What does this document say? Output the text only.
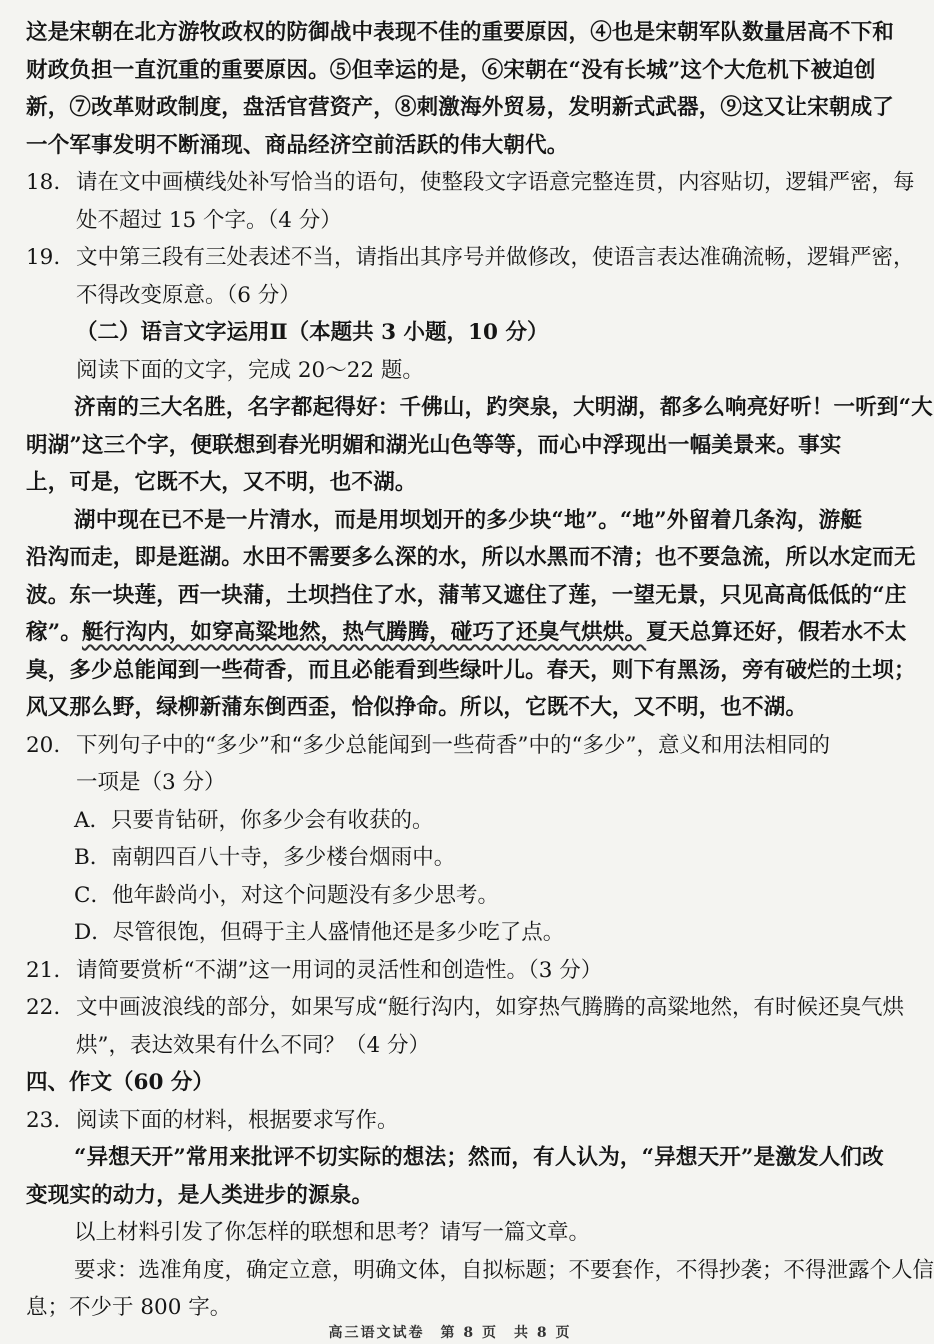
这是宋朝在北方游牧政权的防御战中表现不佳的重要原因，④也是宋朝军队数量居高不下和
财政负担一直沉重的重要原因。⑤但幸运的是，⑥宋朝在“没有长城”这个大危机下被迫创
新，⑦改革财政制度，盘活官营资产，⑧刺激海外贸易，发明新式武器，⑨这又让宋朝成了
一个军事发明不断涌现、商品经济空前活跃的伟大朝代。
18. 请在文中画横线处补写恰当的语句，使整段文字语意完整连贯，内容贴切，逻辑严密，每
处不超过 15 个字。（4 分）
19. 文中第三段有三处表述不当，请指出其序号并做修改，使语言表达准确流畅，逻辑严密，
不得改变原意。（6 分）
（二）语言文字运用Ⅱ（本题共 3 小题，10 分）
阅读下面的文字，完成 20～22 题。
济南的三大名胜，名字都起得好：千佛山，趵突泉，大明湖，都多么响亮好听！一听到“大
明湖”这三个字，便联想到春光明媚和湖光山色等等，而心中浮现出一幅美景来。事实
上，可是，它既不大，又不明，也不湖。
湖中现在已不是一片清水，而是用坝划开的多少块“地”。“地”外留着几条沟，游艇
沿沟而走，即是逛湖。水田不需要多么深的水，所以水黑而不清；也不要急流，所以水定而无
波。东一块莲，西一块蒲，土坝挡住了水，蒲苇又遮住了莲，一望无景，只见高高低低的“庄
稼”。艇行沟内，如穿高粱地然，热气腾腾，碰巧了还臭气烘烘。夏天总算还好，假若水不太
臭，多少总能闻到一些荷香，而且必能看到些绿叶儿。春天，则下有黑汤，旁有破烂的土坝；
风又那么野，绿柳新蒲东倒西歪，恰似挣命。所以，它既不大，又不明，也不湖。
20. 下列句子中的“多少”和“多少总能闻到一些荷香”中的“多少”，意义和用法相同的
一项是（3 分）
A．只要肯钻研，你多少会有收获的。
B．南朝四百八十寺，多少楼台烟雨中。
C．他年龄尚小，对这个问题没有多少思考。
D．尽管很饱，但碍于主人盛情他还是多少吃了点。
21. 请简要赏析“不湖”这一用词的灵活性和创造性。（3 分）
22. 文中画波浪线的部分，如果写成“艇行沟内，如穿热气腾腾的高粱地然，有时候还臭气烘
烘”，表达效果有什么不同？（4 分）
四、作文（60 分）
23. 阅读下面的材料，根据要求写作。
“异想天开”常用来批评不切实际的想法；然而，有人认为，“异想天开”是激发人们改
变现实的动力，是人类进步的源泉。
以上材料引发了你怎样的联想和思考？请写一篇文章。
要求：选准角度，确定立意，明确文体，自拟标题；不要套作，不得抄袭；不得泄露个人信
息；不少于 800 字。
高三语文试卷　第 8 页　共 8 页
